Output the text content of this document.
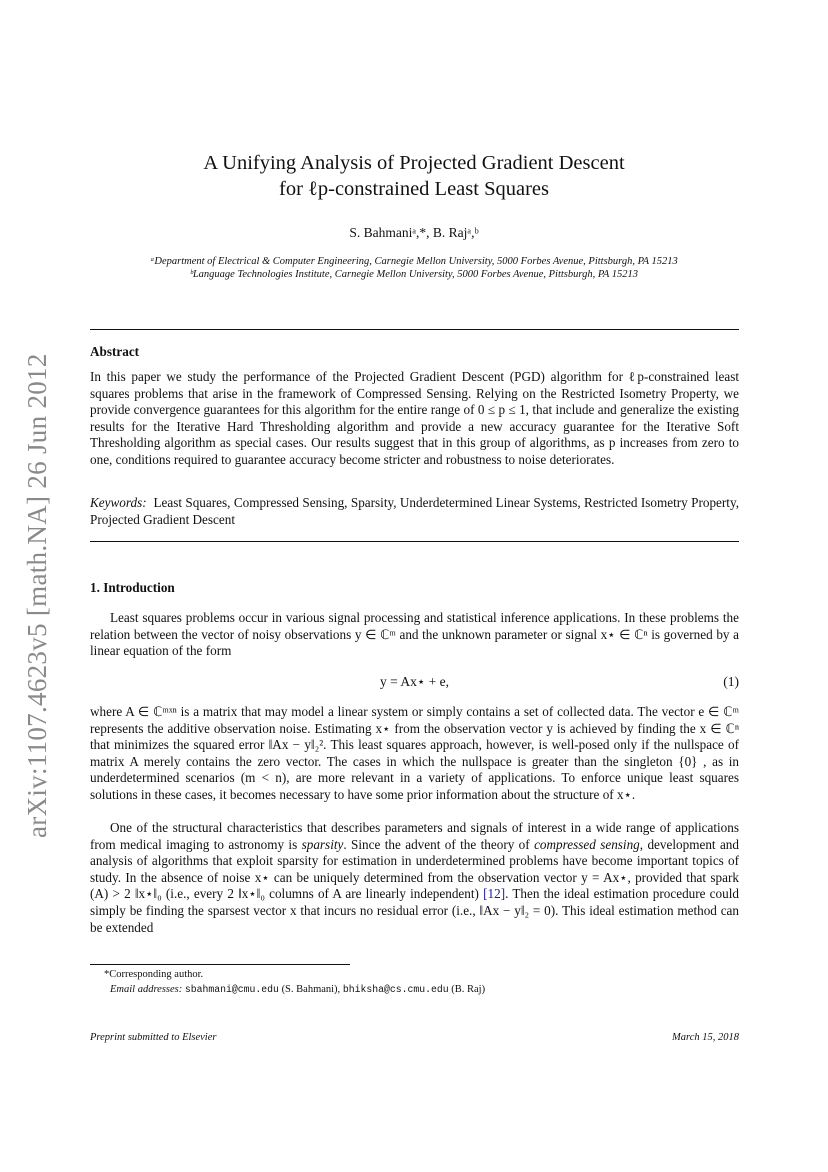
arXiv:1107.4623v5 [math.NA] 26 Jun 2012
A Unifying Analysis of Projected Gradient Descent
for ℓp-constrained Least Squares
S. Bahmaniᵃ,*, B. Rajᵃ,ᵇ
ᵃDepartment of Electrical & Computer Engineering, Carnegie Mellon University, 5000 Forbes Avenue, Pittsburgh, PA 15213
ᵇLanguage Technologies Institute, Carnegie Mellon University, 5000 Forbes Avenue, Pittsburgh, PA 15213
Abstract

In this paper we study the performance of the Projected Gradient Descent (PGD) algorithm for ℓp-constrained least squares problems that arise in the framework of Compressed Sensing. Relying on the Restricted Isometry Property, we provide convergence guarantees for this algorithm for the entire range of 0 ≤ p ≤ 1, that include and generalize the existing results for the Iterative Hard Thresholding algorithm and provide a new accuracy guarantee for the Iterative Soft Thresholding algorithm as special cases. Our results suggest that in this group of algorithms, as p increases from zero to one, conditions required to guarantee accuracy become stricter and robustness to noise deteriorates.

Keywords: Least Squares, Compressed Sensing, Sparsity, Underdetermined Linear Systems, Restricted Isometry Property, Projected Gradient Descent

1. Introduction

Least squares problems occur in various signal processing and statistical inference applications. In these problems the relation between the vector of noisy observations y ∈ ℂᵐ and the unknown parameter or signal x⋆ ∈ ℂⁿ is governed by a linear equation of the form

y = Ax⋆ + e,	(1)

where A ∈ ℂᵐˣⁿ is a matrix that may model a linear system or simply contains a set of collected data. The vector e ∈ ℂᵐ represents the additive observation noise. Estimating x⋆ from the observation vector y is achieved by finding the x ∈ ℂⁿ that minimizes the squared error ‖Ax − y‖₂². This least squares approach, however, is well-posed only if the nullspace of matrix A merely contains the zero vector. The cases in which the nullspace is greater than the singleton {0} , as in underdetermined scenarios (m < n), are more relevant in a variety of applications. To enforce unique least squares solutions in these cases, it becomes necessary to have some prior information about the structure of x⋆.

One of the structural characteristics that describes parameters and signals of interest in a wide range of applications from medical imaging to astronomy is sparsity. Since the advent of the theory of compressed sensing, development and analysis of algorithms that exploit sparsity for estimation in underdetermined problems have become important topics of study. In the absence of noise x⋆ can be uniquely determined from the observation vector y = Ax⋆, provided that spark (A) > 2 ‖x⋆‖₀ (i.e., every 2 ‖x⋆‖₀ columns of A are linearly independent) [12]. Then the ideal estimation procedure could simply be finding the sparsest vector x that incurs no residual error (i.e., ‖Ax − y‖₂ = 0). This ideal estimation method can be extended

*Corresponding author.
Email addresses: sbahmani@cmu.edu (S. Bahmani), bhiksha@cs.cmu.edu (B. Raj)
Preprint submitted to Elsevier	March 15, 2018
